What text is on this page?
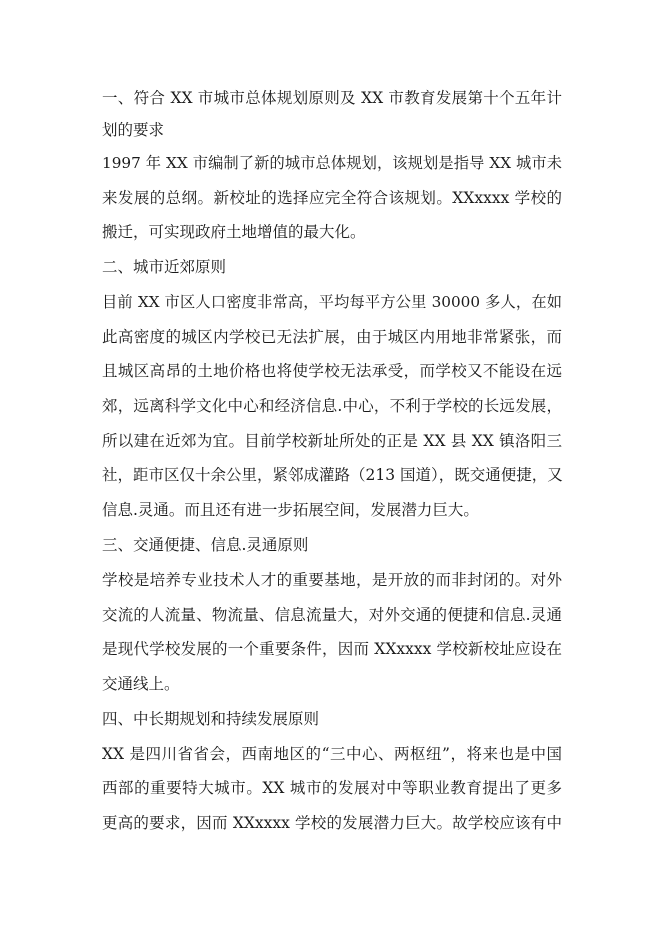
一、符合 XX 市城市总体规划原则及 XX 市教育发展第十个五年计
划的要求
1997 年 XX 市编制了新的城市总体规划，该规划是指导 XX 城市未
来发展的总纲。新校址的选择应完全符合该规划。XXxxxx 学校的
搬迁，可实现政府土地增值的最大化。
二、城市近郊原则
目前 XX 市区人口密度非常高，平均每平方公里 30000 多人，在如
此高密度的城区内学校已无法扩展，由于城区内用地非常紧张，而
且城区高昂的土地价格也将使学校无法承受，而学校又不能设在远
郊，远离科学文化中心和经济信息.中心，不利于学校的长远发展，
所以建在近郊为宜。目前学校新址所处的正是 XX 县 XX 镇洛阳三
社，距市区仅十余公里，紧邻成灌路（213 国道），既交通便捷，又
信息.灵通。而且还有进一步拓展空间，发展潜力巨大。
三、交通便捷、信息.灵通原则
学校是培养专业技术人才的重要基地，是开放的而非封闭的。对外
交流的人流量、物流量、信息流量大，对外交通的便捷和信息.灵通
是现代学校发展的一个重要条件，因而 XXxxxx 学校新校址应设在
交通线上。
四、中长期规划和持续发展原则
XX 是四川省省会，西南地区的“三中心、两枢纽”，将来也是中国
西部的重要特大城市。XX 城市的发展对中等职业教育提出了更多
更高的要求，因而 XXxxxx 学校的发展潜力巨大。故学校应该有中
